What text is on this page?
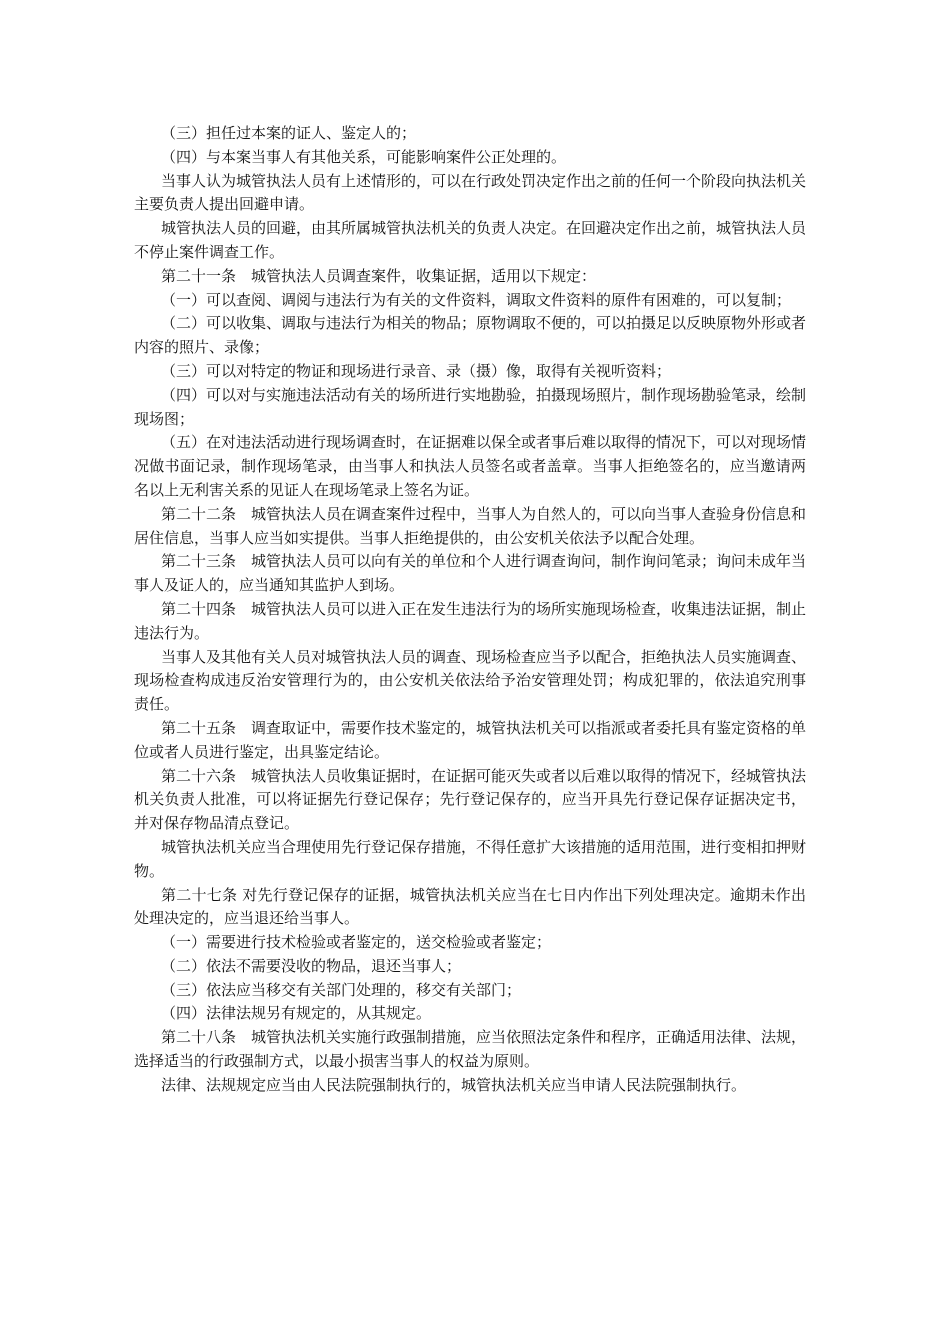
（三）担任过本案的证人、鉴定人的；

（四）与本案当事人有其他关系，可能影响案件公正处理的。

当事人认为城管执法人员有上述情形的，可以在行政处罚决定作出之前的任何一个阶段向执法机关主要负责人提出回避申请。

城管执法人员的回避，由其所属城管执法机关的负责人决定。在回避决定作出之前，城管执法人员不停止案件调查工作。

第二十一条　城管执法人员调查案件，收集证据，适用以下规定：

（一）可以查阅、调阅与违法行为有关的文件资料，调取文件资料的原件有困难的，可以复制；

（二）可以收集、调取与违法行为相关的物品；原物调取不便的，可以拍摄足以反映原物外形或者内容的照片、录像；

（三）可以对特定的物证和现场进行录音、录（摄）像，取得有关视听资料；

（四）可以对与实施违法活动有关的场所进行实地勘验，拍摄现场照片，制作现场勘验笔录，绘制现场图；

（五）在对违法活动进行现场调查时，在证据难以保全或者事后难以取得的情况下，可以对现场情况做书面记录，制作现场笔录，由当事人和执法人员签名或者盖章。当事人拒绝签名的，应当邀请两名以上无利害关系的见证人在现场笔录上签名为证。

第二十二条　城管执法人员在调查案件过程中，当事人为自然人的，可以向当事人查验身份信息和居住信息，当事人应当如实提供。当事人拒绝提供的，由公安机关依法予以配合处理。

第二十三条　城管执法人员可以向有关的单位和个人进行调查询问，制作询问笔录；询问未成年当事人及证人的，应当通知其监护人到场。

第二十四条　城管执法人员可以进入正在发生违法行为的场所实施现场检查，收集违法证据，制止违法行为。

当事人及其他有关人员对城管执法人员的调查、现场检查应当予以配合，拒绝执法人员实施调查、现场检查构成违反治安管理行为的，由公安机关依法给予治安管理处罚；构成犯罪的，依法追究刑事责任。

第二十五条　调查取证中，需要作技术鉴定的，城管执法机关可以指派或者委托具有鉴定资格的单位或者人员进行鉴定，出具鉴定结论。

第二十六条　城管执法人员收集证据时，在证据可能灭失或者以后难以取得的情况下，经城管执法机关负责人批准，可以将证据先行登记保存；先行登记保存的，应当开具先行登记保存证据决定书，并对保存物品清点登记。

城管执法机关应当合理使用先行登记保存措施，不得任意扩大该措施的适用范围，进行变相扣押财物。

第二十七条 对先行登记保存的证据，城管执法机关应当在七日内作出下列处理决定。逾期未作出处理决定的，应当退还给当事人。

（一）需要进行技术检验或者鉴定的，送交检验或者鉴定；

（二）依法不需要没收的物品，退还当事人；

（三）依法应当移交有关部门处理的，移交有关部门；

（四）法律法规另有规定的，从其规定。

第二十八条　城管执法机关实施行政强制措施，应当依照法定条件和程序，正确适用法律、法规，选择适当的行政强制方式，以最小损害当事人的权益为原则。

法律、法规规定应当由人民法院强制执行的，城管执法机关应当申请人民法院强制执行。
